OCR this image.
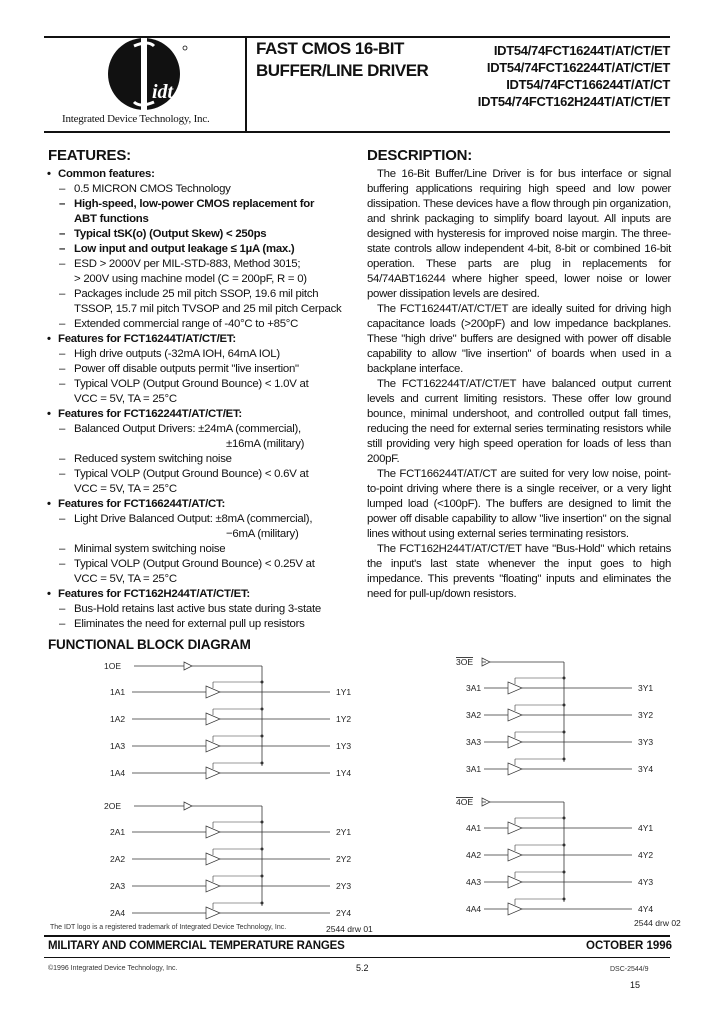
idt
Integrated Device Technology, Inc.
FAST CMOS 16-BIT
BUFFER/LINE DRIVER
IDT54/74FCT16244T/AT/CT/ET
IDT54/74FCT162244T/AT/CT/ET
IDT54/74FCT166244T/AT/CT
IDT54/74FCT162H244T/AT/CT/ET
FEATURES:
• Common features:
– 0.5 MICRON CMOS Technology
– High-speed, low-power CMOS replacement for
ABT functions
– Typical tSK(o) (Output Skew) < 250ps
– Low input and output leakage ≤ 1µA (max.)
– ESD > 2000V per MIL-STD-883, Method 3015;
> 200V using machine model (C = 200pF, R = 0)
– Packages include 25 mil pitch SSOP, 19.6 mil pitch
TSSOP, 15.7 mil pitch TVSOP and 25 mil pitch Cerpack
– Extended commercial range of -40°C to +85°C
• Features for FCT16244T/AT/CT/ET:
– High drive outputs (-32mA IOH, 64mA IOL)
– Power off disable outputs permit "live insertion"
– Typical VOLP (Output Ground Bounce) < 1.0V at
VCC = 5V, TA = 25°C
• Features for FCT162244T/AT/CT/ET:
– Balanced Output Drivers: ±24mA (commercial),
±16mA (military)
– Reduced system switching noise
– Typical VOLP (Output Ground Bounce) < 0.6V at
VCC = 5V, TA = 25°C
• Features for FCT166244T/AT/CT:
– Light Drive Balanced Output: ±8mA (commercial),
−6mA (military)
– Minimal system switching noise
– Typical VOLP (Output Ground Bounce) < 0.25V at
VCC = 5V, TA = 25°C
• Features for FCT162H244T/AT/CT/ET:
– Bus-Hold retains last active bus state during 3-state
– Eliminates the need for external pull up resistors
DESCRIPTION:

The 16-Bit Buffer/Line Driver is for bus interface or signal buffering applications requiring high speed and low power dissipation. These devices have a flow through pin organization, and shrink packaging to simplify board layout. All inputs are designed with hysteresis for improved noise margin. The three-state controls allow independent 4-bit, 8-bit or combined 16-bit operation. These parts are plug in replacements for 54/74ABT16244 where higher speed, lower noise or lower power dissipation levels are desired.

The FCT16244T/AT/CT/ET are ideally suited for driving high capacitance loads (>200pF) and low impedance backplanes. These "high drive" buffers are designed with power off disable capability to allow "live insertion" of boards when used in a backplane interface.

The FCT162244T/AT/CT/ET have balanced output current levels and current limiting resistors. These offer low ground bounce, minimal undershoot, and controlled output fall times, reducing the need for external series terminating resistors while still providing very high speed operation for loads of less than 200pF.

The FCT166244T/AT/CT are suited for very low noise, point-to-point driving where there is a single receiver, or a very light lumped load (<100pF). The buffers are designed to limit the power off disable capability to allow "live insertion" on the signal lines without using external series terminating resistors.

The FCT162H244T/AT/CT/ET have "Bus-Hold" which retains the input's last state whenever the input goes to high impedance. This prevents "floating" inputs and eliminates the need for pull-up/down resistors.

FUNCTIONAL BLOCK DIAGRAM
1OE
1A1	1Y1
1A2	1Y2
1A3	1Y3
1A4	1Y4
2OE
2A1	2Y1
2A2	2Y2
2A3	2Y3
2A4	2Y4
3OE
3A1	3Y1
3A2	3Y2
3A3	3Y3
3A1	3Y4
4OE
4A1	4Y1
4A2	4Y2
4A3	4Y3
4A4	4Y4
2544 drw 01
2544 drw 02
The IDT logo is a registered trademark of Integrated Device Technology, Inc.
MILITARY AND COMMERCIAL TEMPERATURE RANGES	OCTOBER 1996
©1996 Integrated Device Technology, Inc.	5.2	DSC-2544/9
15
